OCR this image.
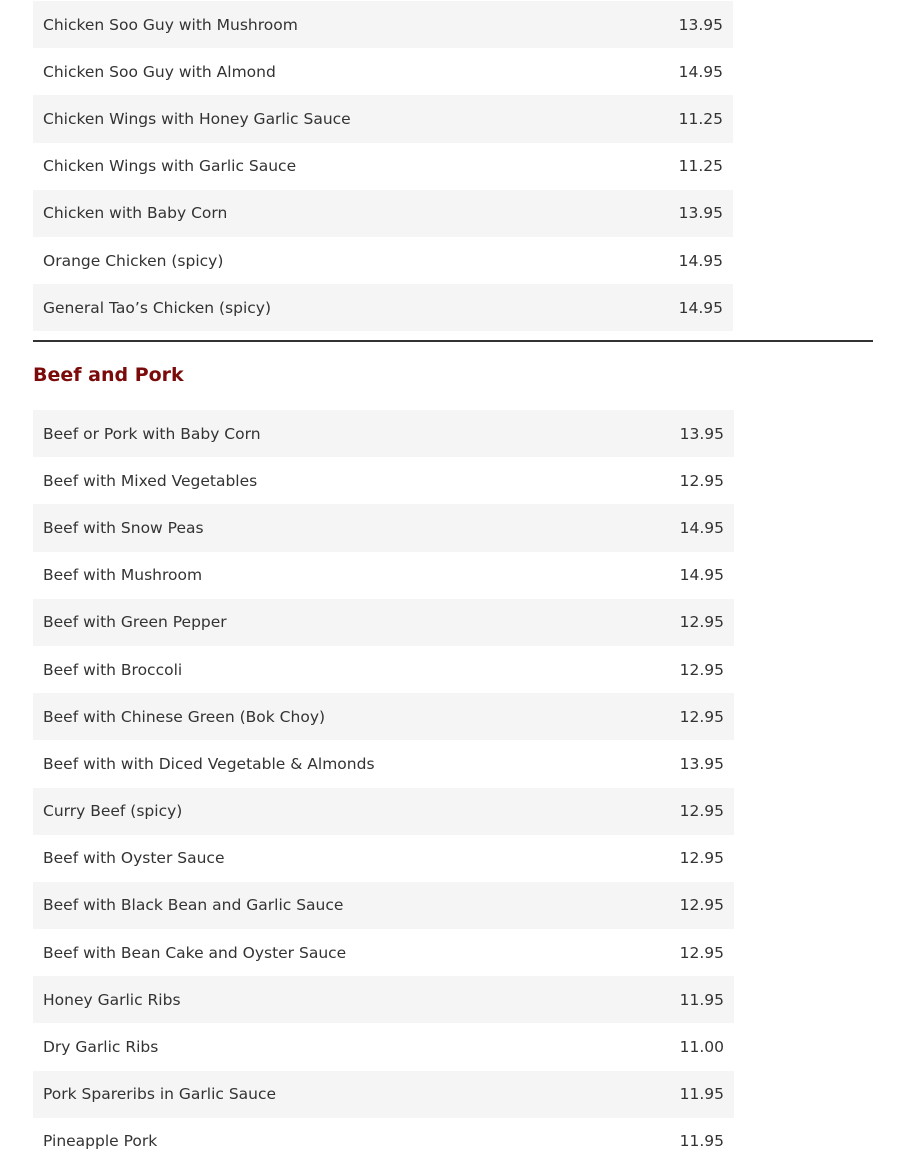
Chicken Soo Guy with Mushroom	13.95
Chicken Soo Guy with Almond	14.95
Chicken Wings with Honey Garlic Sauce	11.25
Chicken Wings with Garlic Sauce	11.25
Chicken with Baby Corn	13.95
Orange Chicken (spicy)	14.95
General Tao’s Chicken (spicy)	14.95
Beef and Pork
Beef or Pork with Baby Corn	13.95
Beef with Mixed Vegetables	12.95
Beef with Snow Peas	14.95
Beef with Mushroom	14.95
Beef with Green Pepper	12.95
Beef with Broccoli	12.95
Beef with Chinese Green (Bok Choy)	12.95
Beef with with Diced Vegetable & Almonds	13.95
Curry Beef (spicy)	12.95
Beef with Oyster Sauce	12.95
Beef with Black Bean and Garlic Sauce	12.95
Beef with Bean Cake and Oyster Sauce	12.95
Honey Garlic Ribs	11.95
Dry Garlic Ribs	11.00
Pork Spareribs in Garlic Sauce	11.95
Pineapple Pork	11.95
